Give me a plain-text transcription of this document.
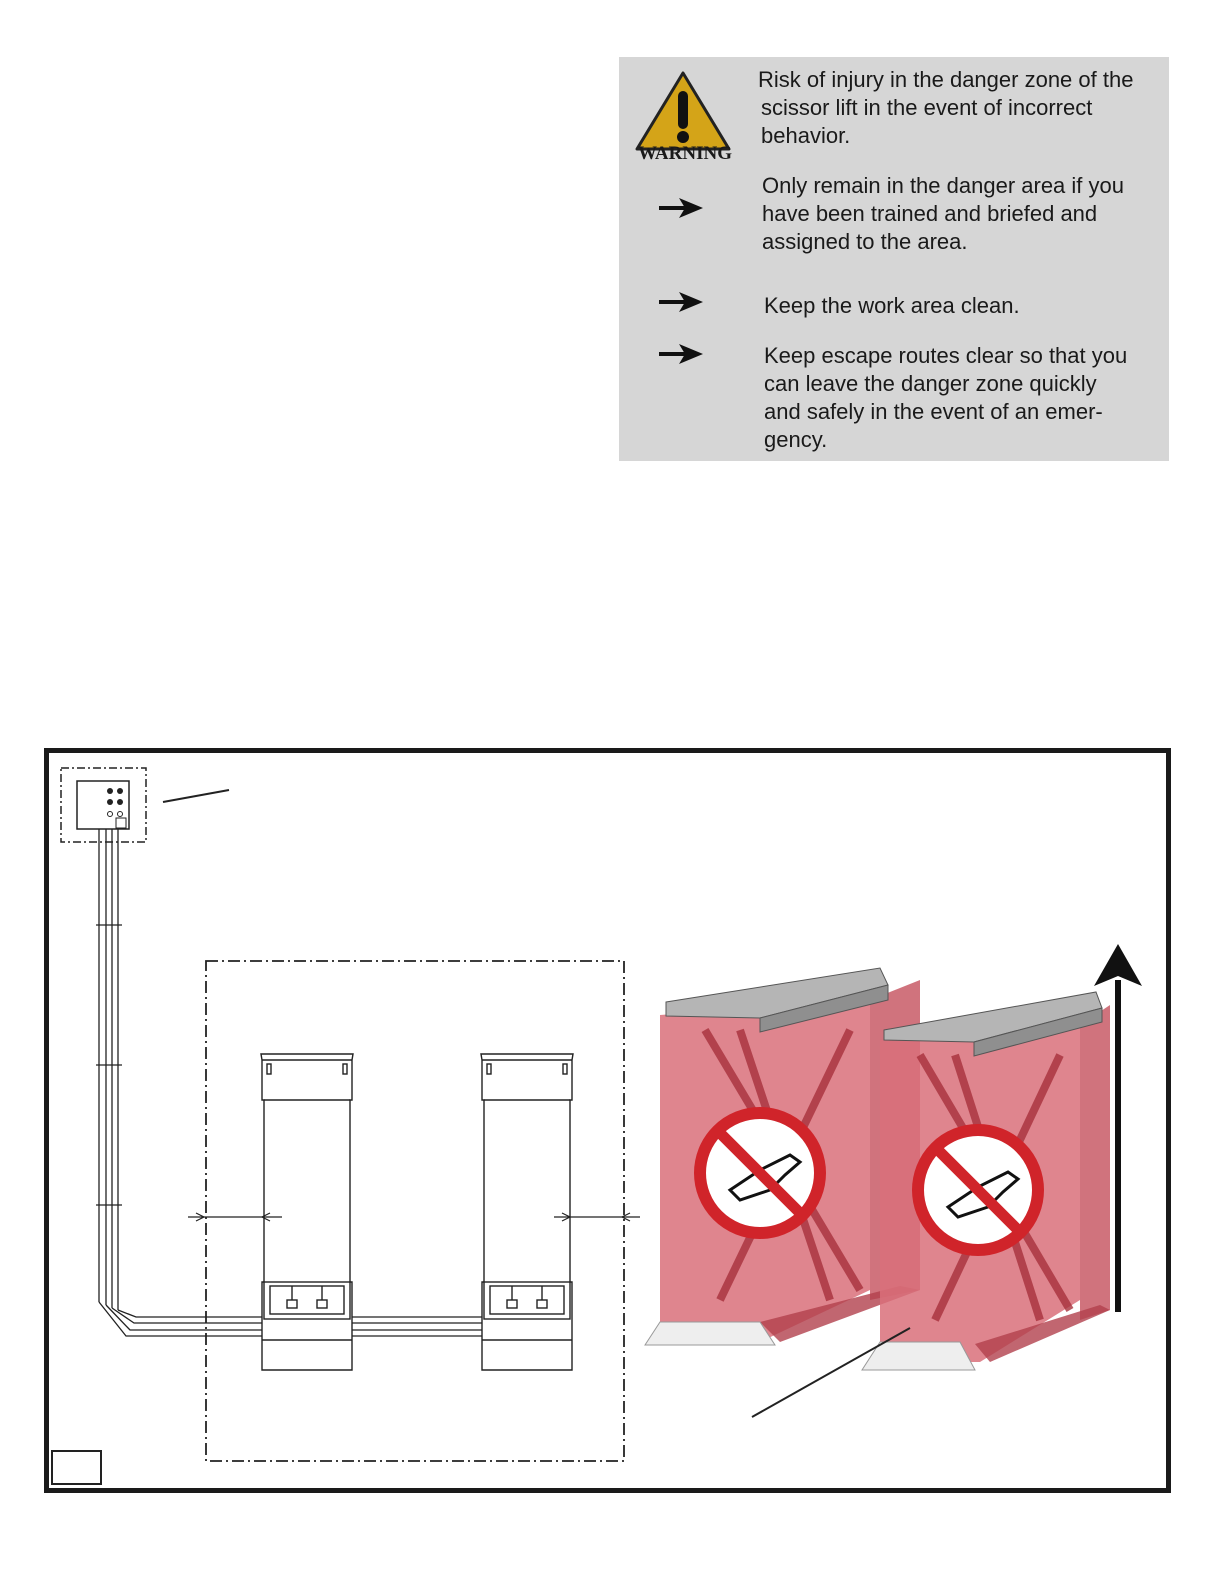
WARNING
Risk of injury in the danger zone of the
scissor lift in the event of incorrect
behavior.
Only remain in the danger area if you
have been trained and briefed and
assigned to the area.
Keep the work area clean.
Keep escape routes clear so that you
can leave the danger zone quickly
and safely in the event of an emer-
gency.
